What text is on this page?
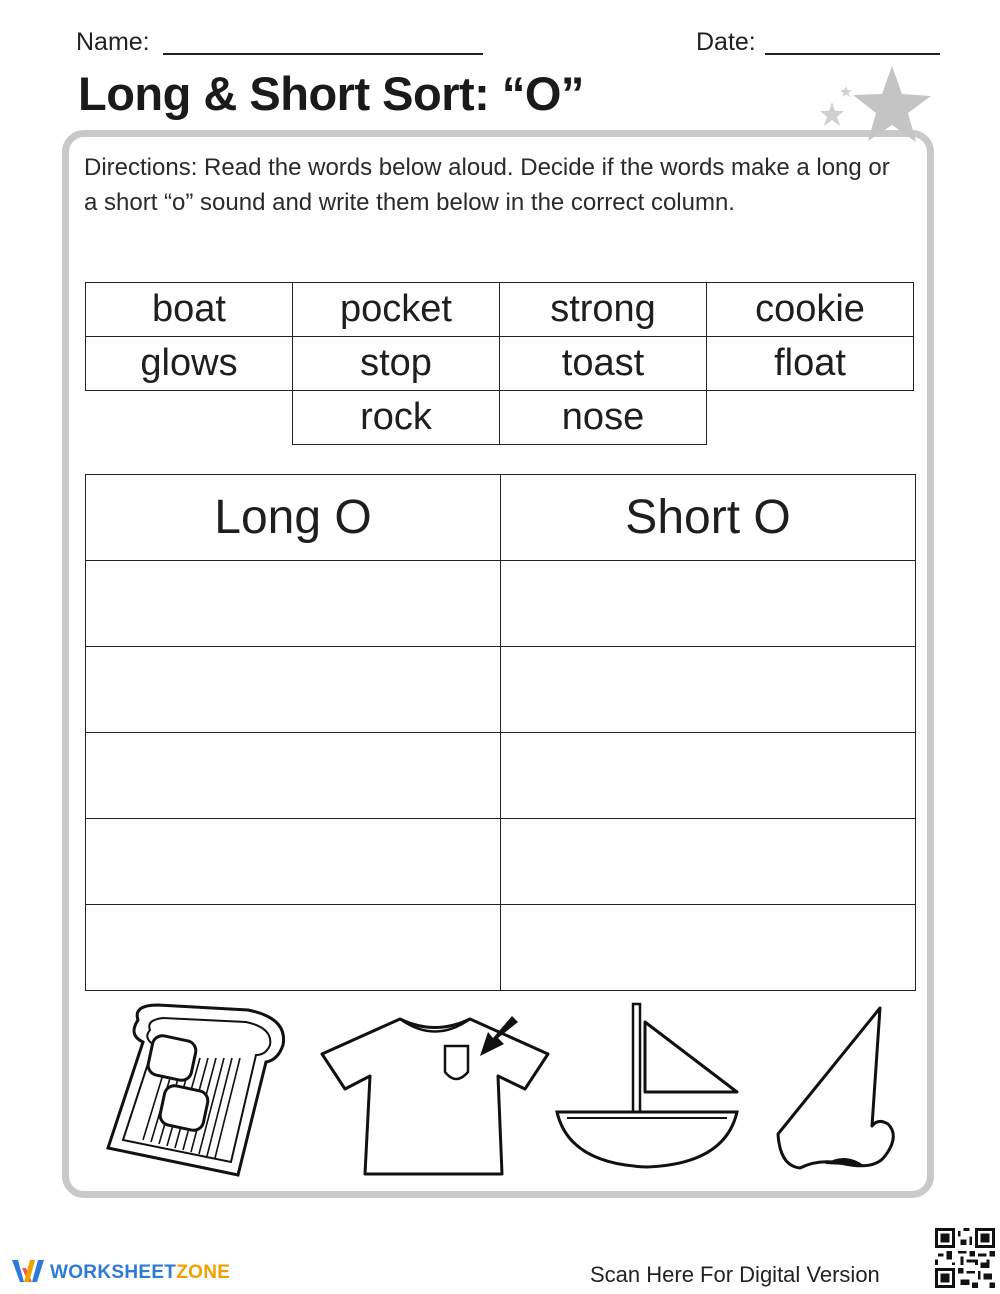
Name:	Date:
Long & Short Sort: “O”
Directions: Read the words below aloud. Decide if the words make a long or a short “o” sound and write them below in the correct column.
boat	pocket	strong	cookie
glows	stop	toast	float
	rock	nose	
Long O	Short O

WORKSHEETZONE	Scan Here For Digital Version
